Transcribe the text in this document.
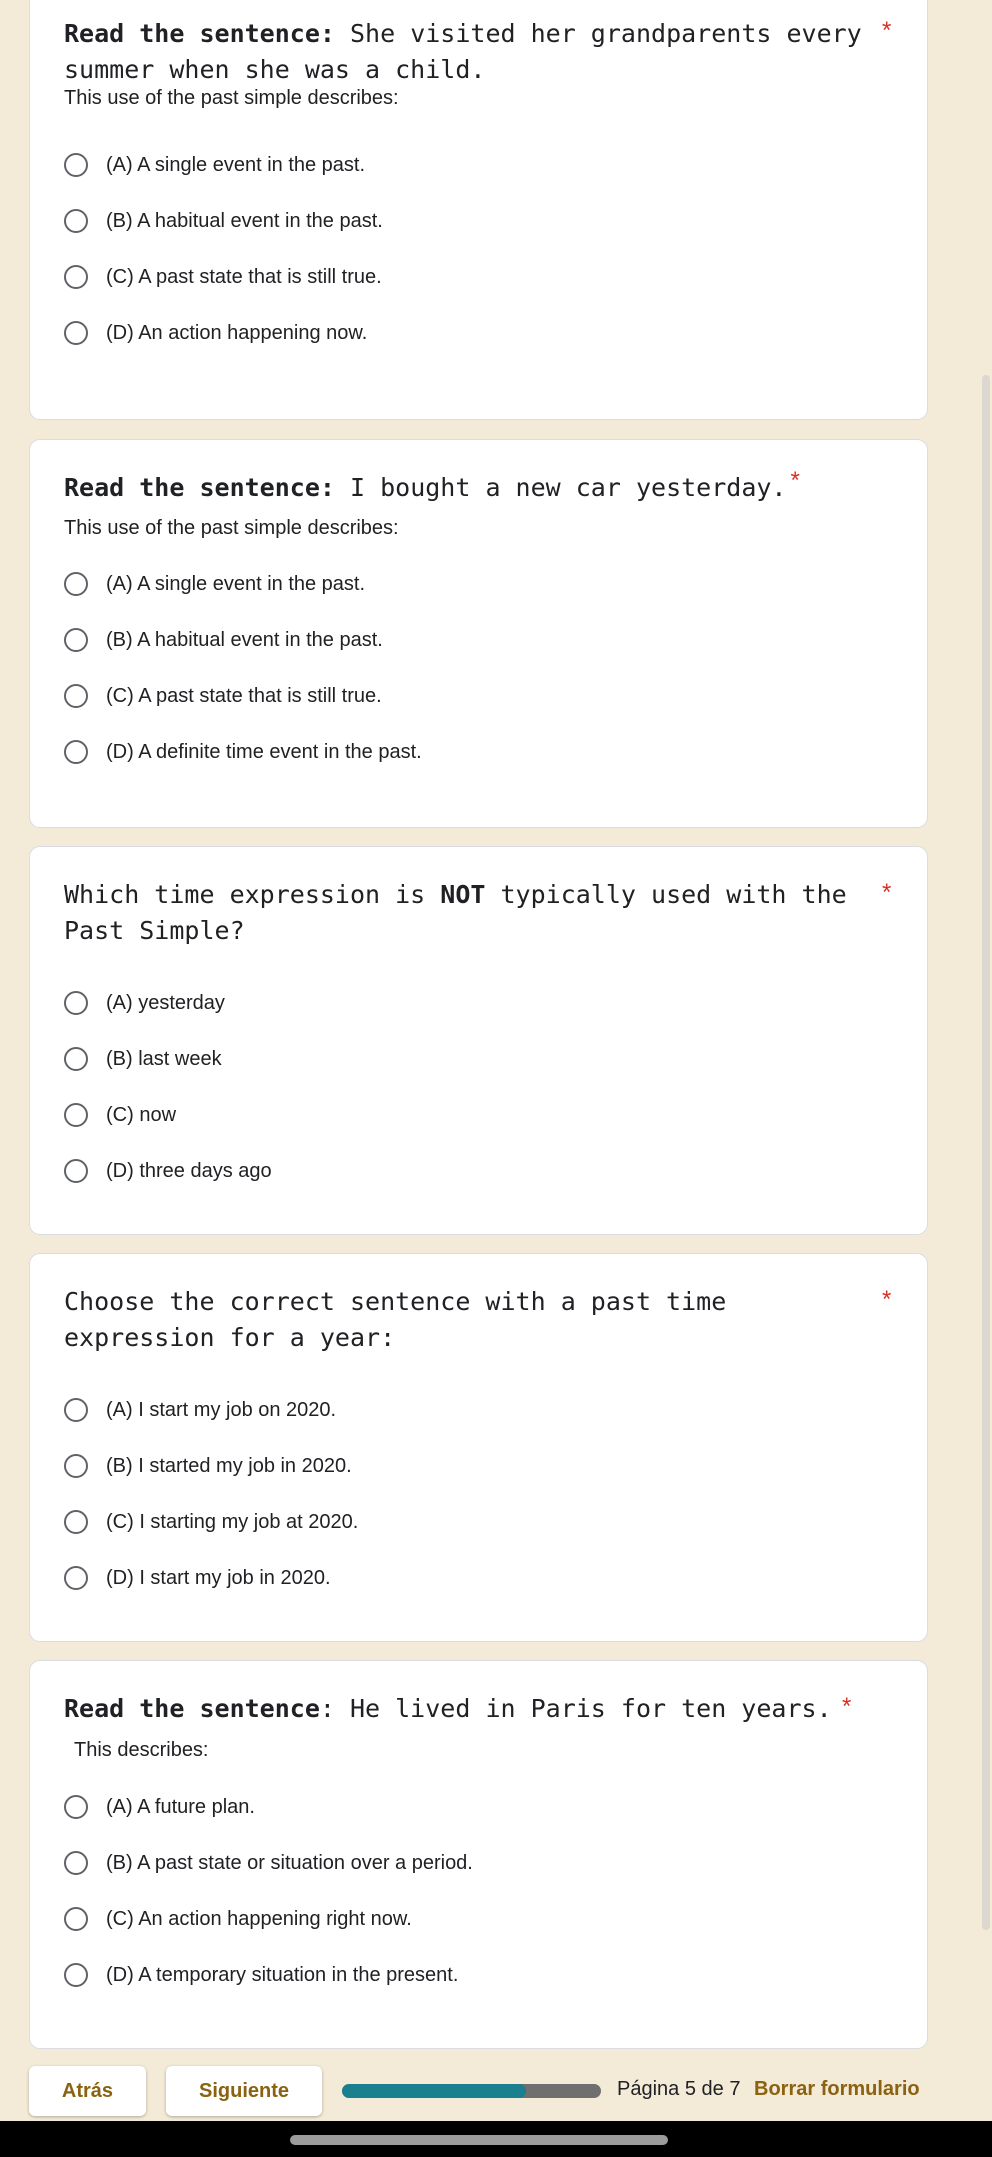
Read the sentence: She visited her grandparents every summer when she was a child.
*
This use of the past simple describes:
(A) A single event in the past.
(B) A habitual event in the past.
(C) A past state that is still true.
(D) An action happening now.
Read the sentence: I bought a new car yesterday. *
This use of the past simple describes:
(A) A single event in the past.
(B) A habitual event in the past.
(C) A past state that is still true.
(D) A definite time event in the past.
Which time expression is NOT typically used with the Past Simple?
*
(A) yesterday
(B) last week
(C) now
(D) three days ago
Choose the correct sentence with a past time expression for a year:
*
(A) I start my job on 2020.
(B) I started my job in 2020.
(C) I starting my job at 2020.
(D) I start my job in 2020.
Read the sentence: He lived in Paris for ten years. *
This describes:
(A) A future plan.
(B) A past state or situation over a period.
(C) An action happening right now.
(D) A temporary situation in the present.
Atrás	Siguiente	Página 5 de 7 Borrar formulario
